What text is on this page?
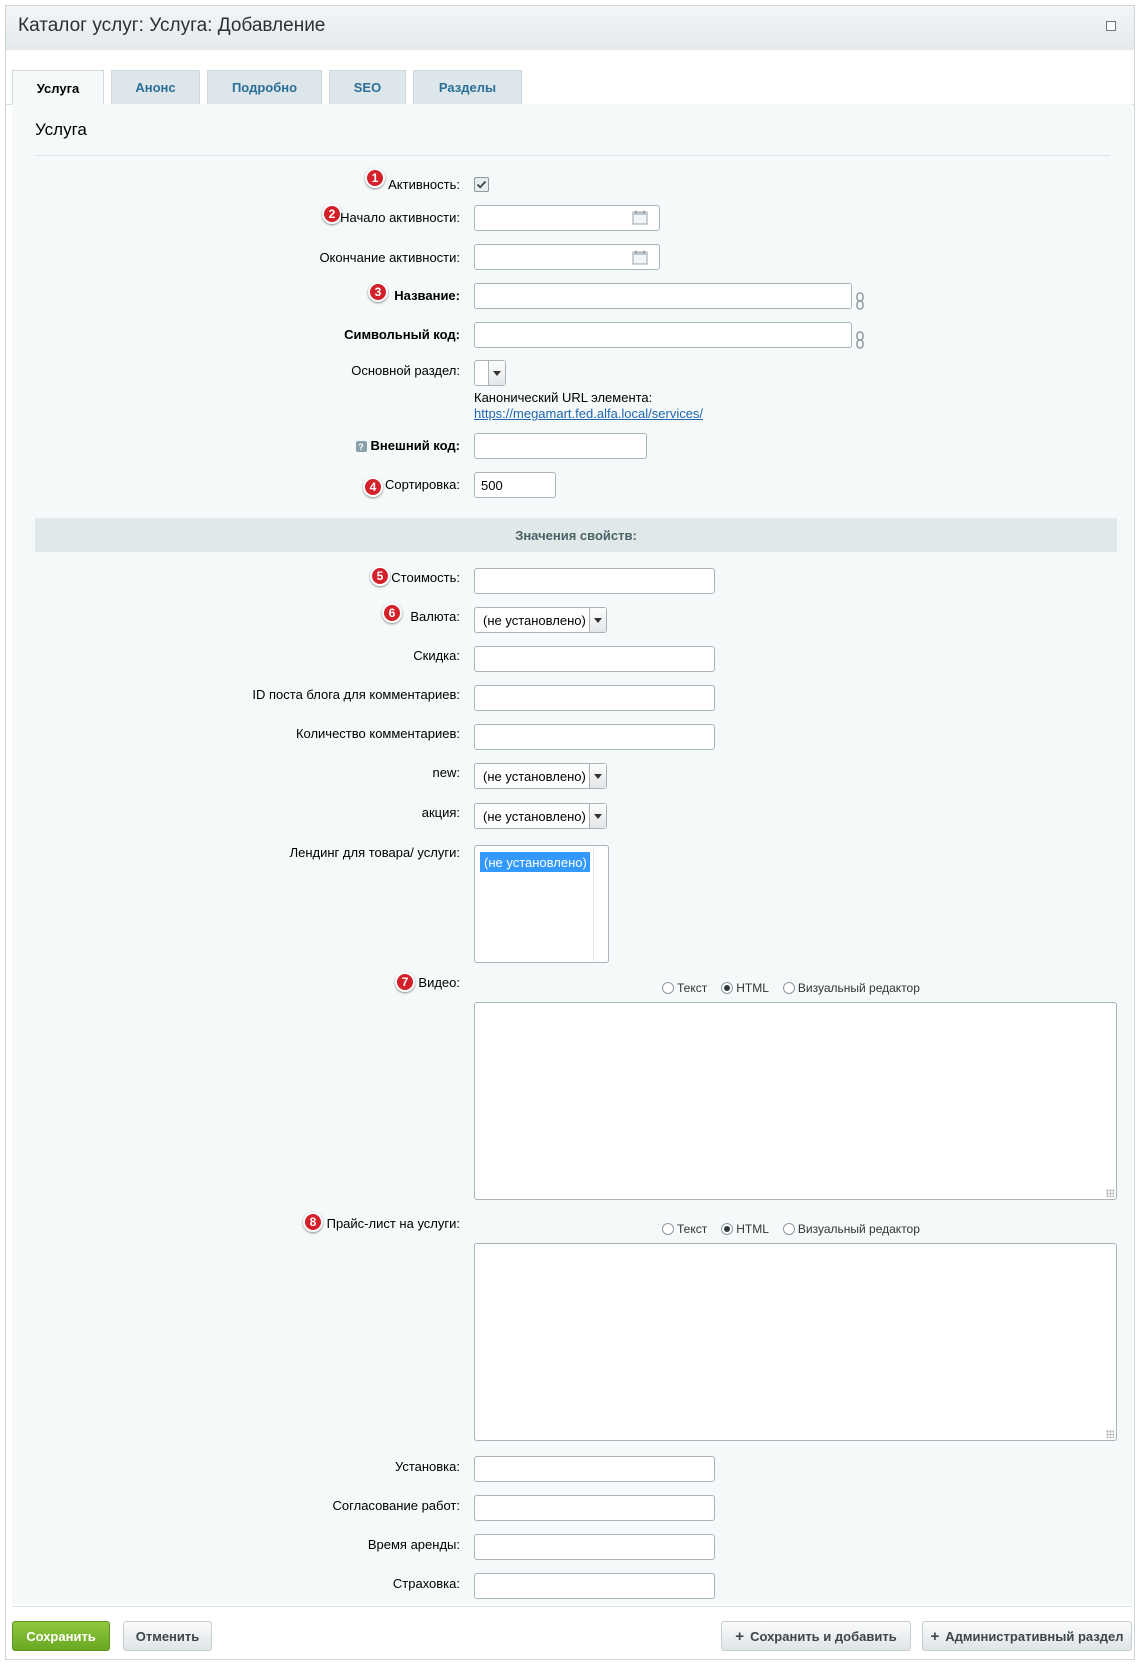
Каталог услуг: Услуга: Добавление
Услуга	Анонс	Подробно	SEO	Разделы
Услуга
1 Активность:
2 Начало активности:
Окончание активности:
3 Название:
Символьный код:
Основной раздел:
Канонический URL элемента:
https://megamart.fed.alfa.local/services/
? Внешний код:
4 Сортировка:
500
Значения свойств:
5 Стоимость:
6	Валюта: (не установлено)
Скидка:
ID поста блога для комментариев:
Количество комментариев:
new: (не установлено)
акция: (не установлено)
Лендинг для товара/ услуги:
(не установлено)
7 Видео:	Текст HTML Визуальный редактор
8 Прайс-лист на услуги:	Текст HTML Визуальный редактор
Установка:
Согласование работ:
Время аренды:
Страховка:
Сохранить	Отменить	+ Сохранить и добавить + Административный раздел
